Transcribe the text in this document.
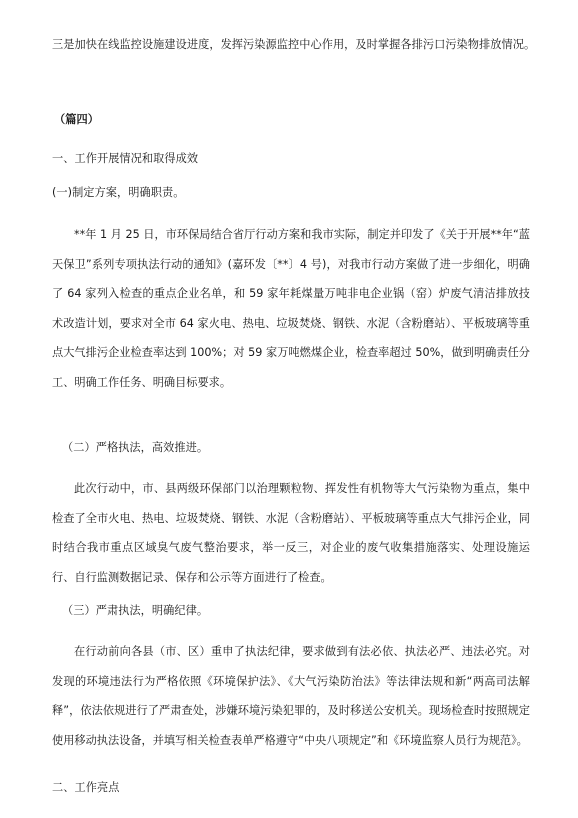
三是加快在线监控设施建设进度，发挥污染源监控中心作用，及时掌握各排污口污染物排放情况。
（篇四）
一、工作开展情况和取得成效
(一)制定方案，明确职责。
**年 1 月 25 日，市环保局结合省厅行动方案和我市实际，制定并印发了《关于开展**年“蓝天保卫”系列专项执法行动的通知》(嘉环发〔**〕4 号)，对我市行动方案做了进一步细化，明确了 64 家列入检查的重点企业名单，和 59 家年耗煤量万吨非电企业锅（窑）炉废气清洁排放技术改造计划，要求对全市 64 家火电、热电、垃圾焚烧、钢铁、水泥（含粉磨站）、平板玻璃等重点大气排污企业检查率达到 100%；对 59 家万吨燃煤企业，检查率超过 50%，做到明确责任分工、明确工作任务、明确目标要求。
（二）严格执法，高效推进。
此次行动中，市、县两级环保部门以治理颗粒物、挥发性有机物等大气污染物为重点，集中检查了全市火电、热电、垃圾焚烧、钢铁、水泥（含粉磨站）、平板玻璃等重点大气排污企业，同时结合我市重点区域臭气废气整治要求，举一反三，对企业的废气收集措施落实、处理设施运行、自行监测数据记录、保存和公示等方面进行了检查。
（三）严肃执法，明确纪律。
在行动前向各县（市、区）重申了执法纪律，要求做到有法必依、执法必严、违法必究。对发现的环境违法行为严格依照《环境保护法》、《大气污染防治法》等法律法规和新“两高司法解释”，依法依规进行了严肃查处，涉嫌环境污染犯罪的，及时移送公安机关。现场检查时按照规定使用移动执法设备，并填写相关检查表单严格遵守“中央八项规定”和《环境监察人员行为规范》。
二、工作亮点
